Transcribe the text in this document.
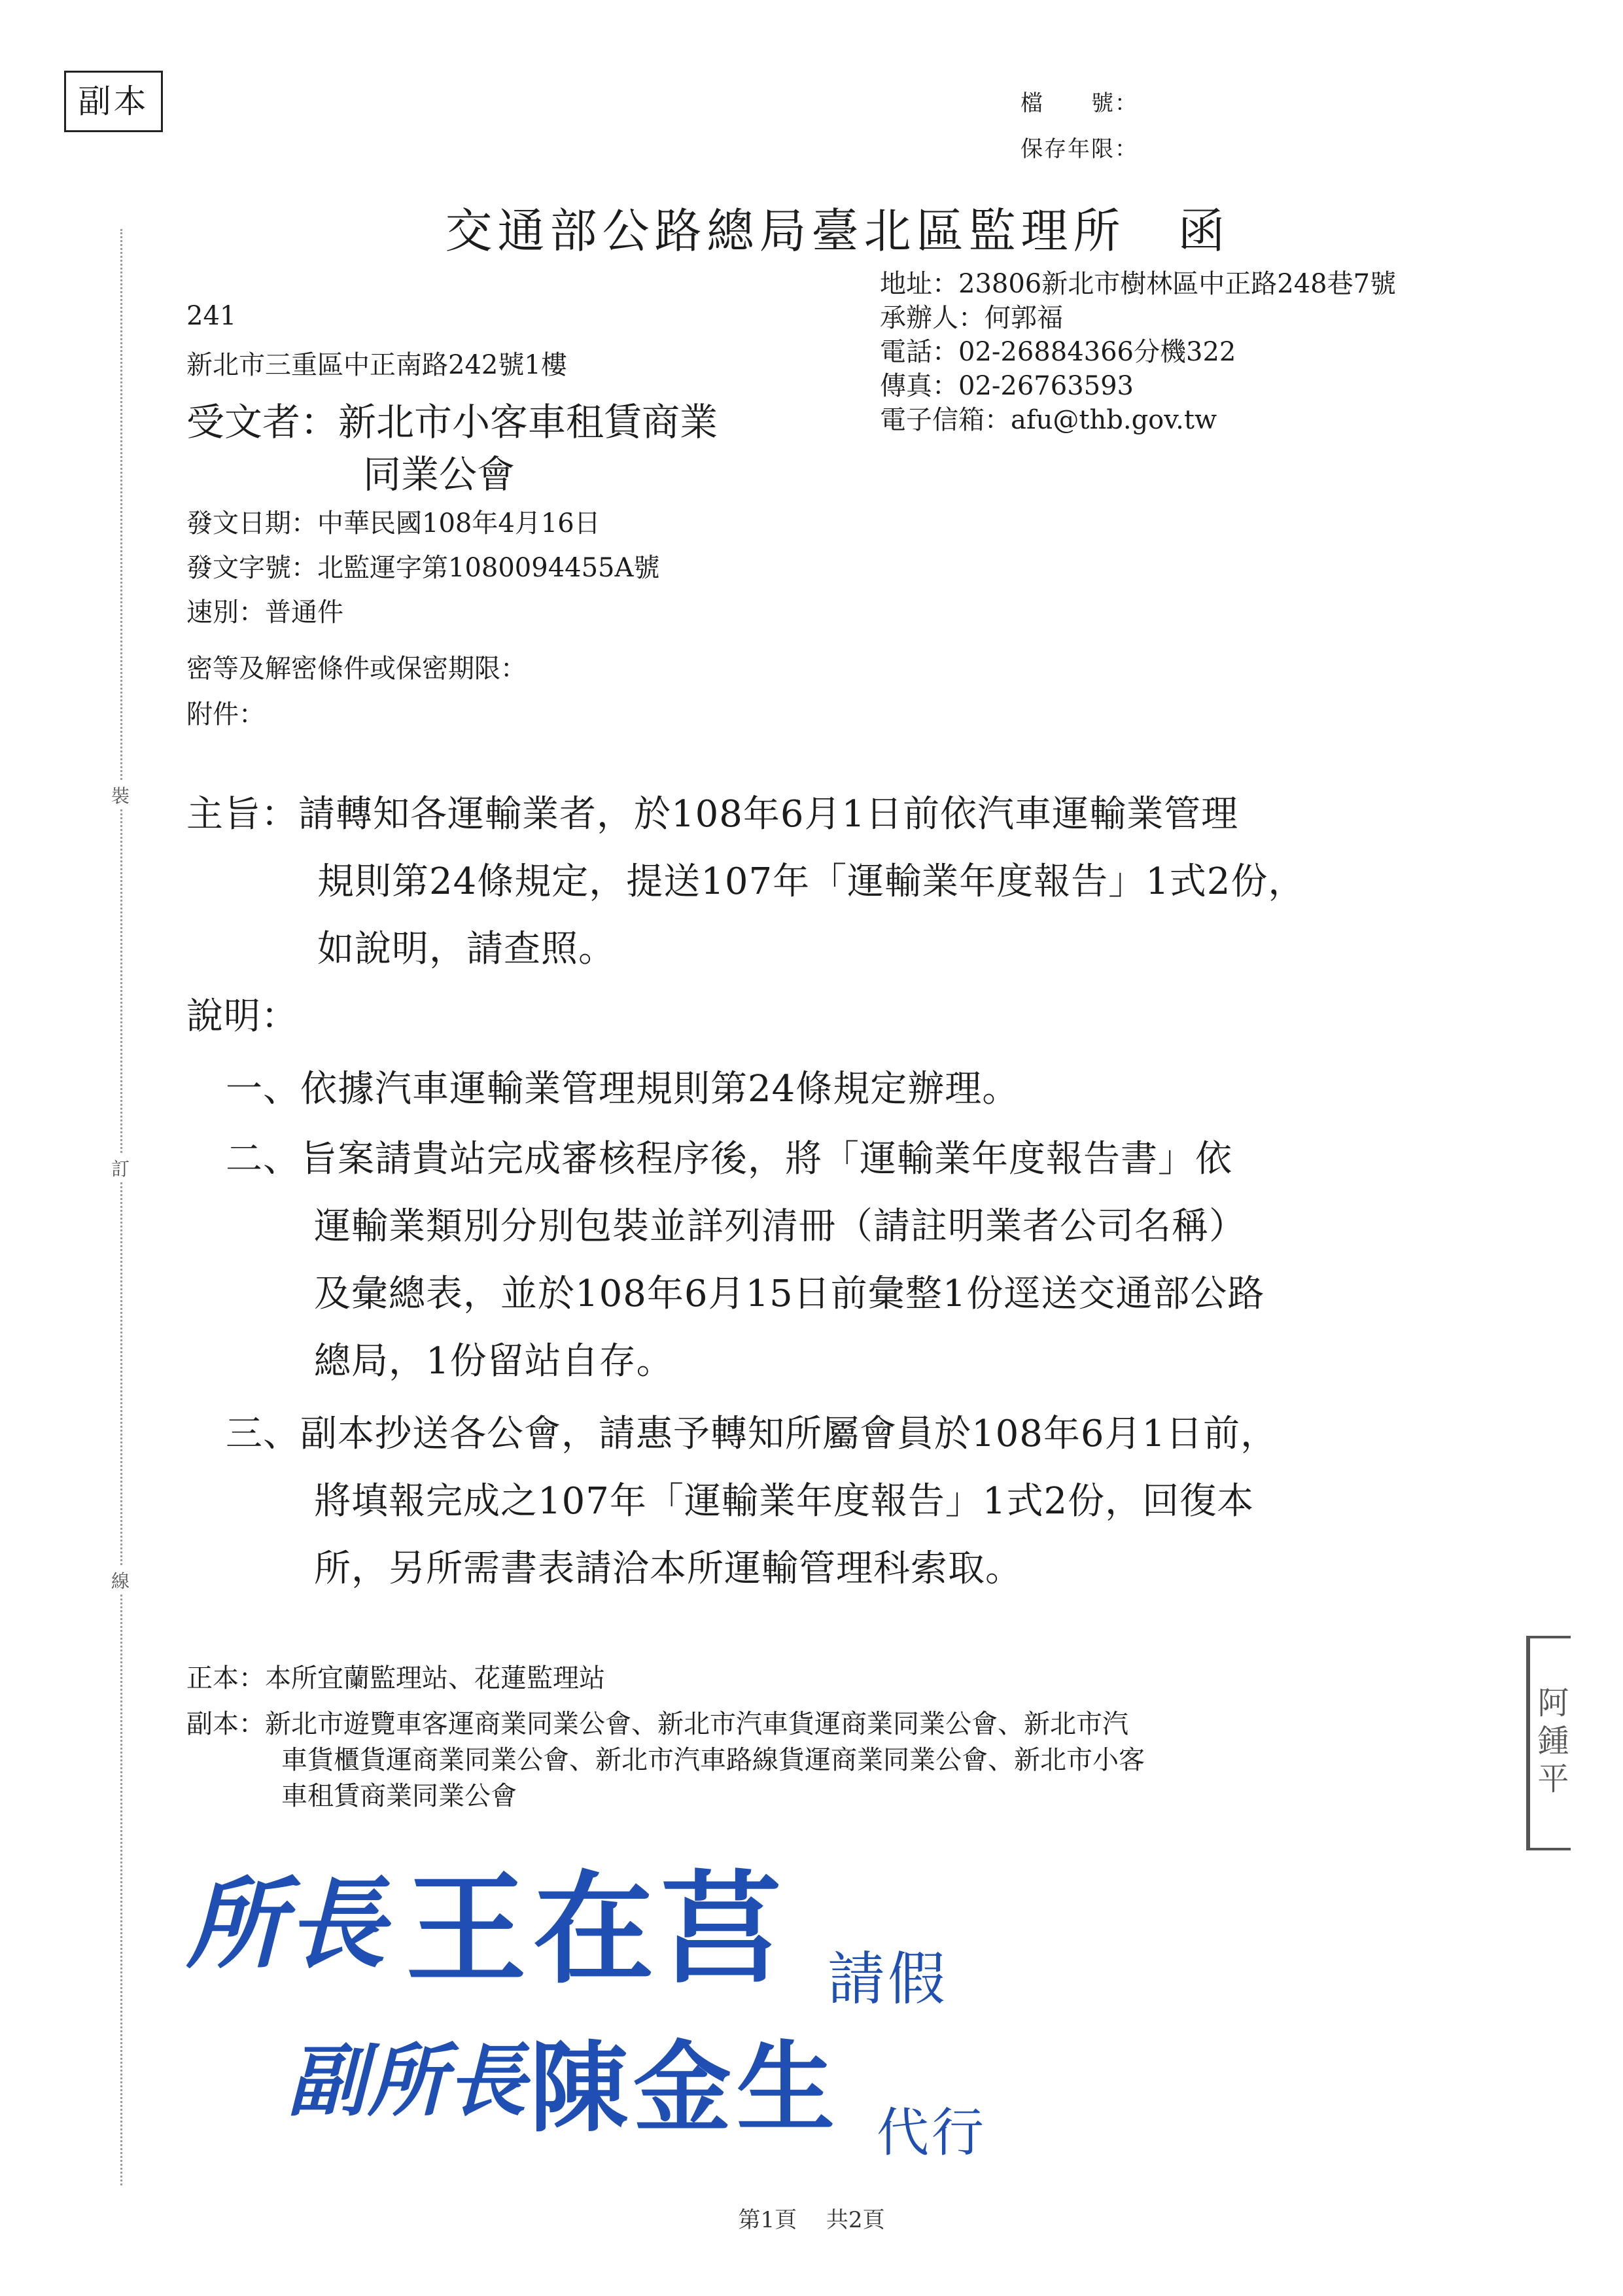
裝
訂
線
副本	檔　　號：
保存年限：
交通部公路總局臺北區監理所　函
地址：23806新北市樹林區中正路248巷7號
承辦人：何郭福
電話：02-26884366分機322
傳真：02-26763593
電子信箱：afu@thb.gov.tw
241
新北市三重區中正南路242號1樓
受文者：新北市小客車租賃商業
同業公會
發文日期：中華民國108年4月16日
發文字號：北監運字第1080094455A號
速別：普通件
密等及解密條件或保密期限：
附件：
主旨：請轉知各運輸業者，於108年6月1日前依汽車運輸業管理
規則第24條規定，提送107年「運輸業年度報告」1式2份，
如說明，請查照。
說明：
一、依據汽車運輸業管理規則第24條規定辦理。
二、旨案請貴站完成審核程序後，將「運輸業年度報告書」依
運輸業類別分別包裝並詳列清冊（請註明業者公司名稱）
及彙總表，並於108年6月15日前彙整1份逕送交通部公路
總局，1份留站自存。
三、副本抄送各公會，請惠予轉知所屬會員於108年6月1日前，
將填報完成之107年「運輸業年度報告」1式2份，回復本
所，另所需書表請洽本所運輸管理科索取。
正本：本所宜蘭監理站、花蓮監理站
副本：新北市遊覽車客運商業同業公會、新北市汽車貨運商業同業公會、新北市汽
車貨櫃貨運商業同業公會、新北市汽車路線貨運商業同業公會、新北市小客
車租賃商業同業公會	阿鍾平
所長 王在莒 請假
副所長 陳金生 代行
第1頁　 共2頁
